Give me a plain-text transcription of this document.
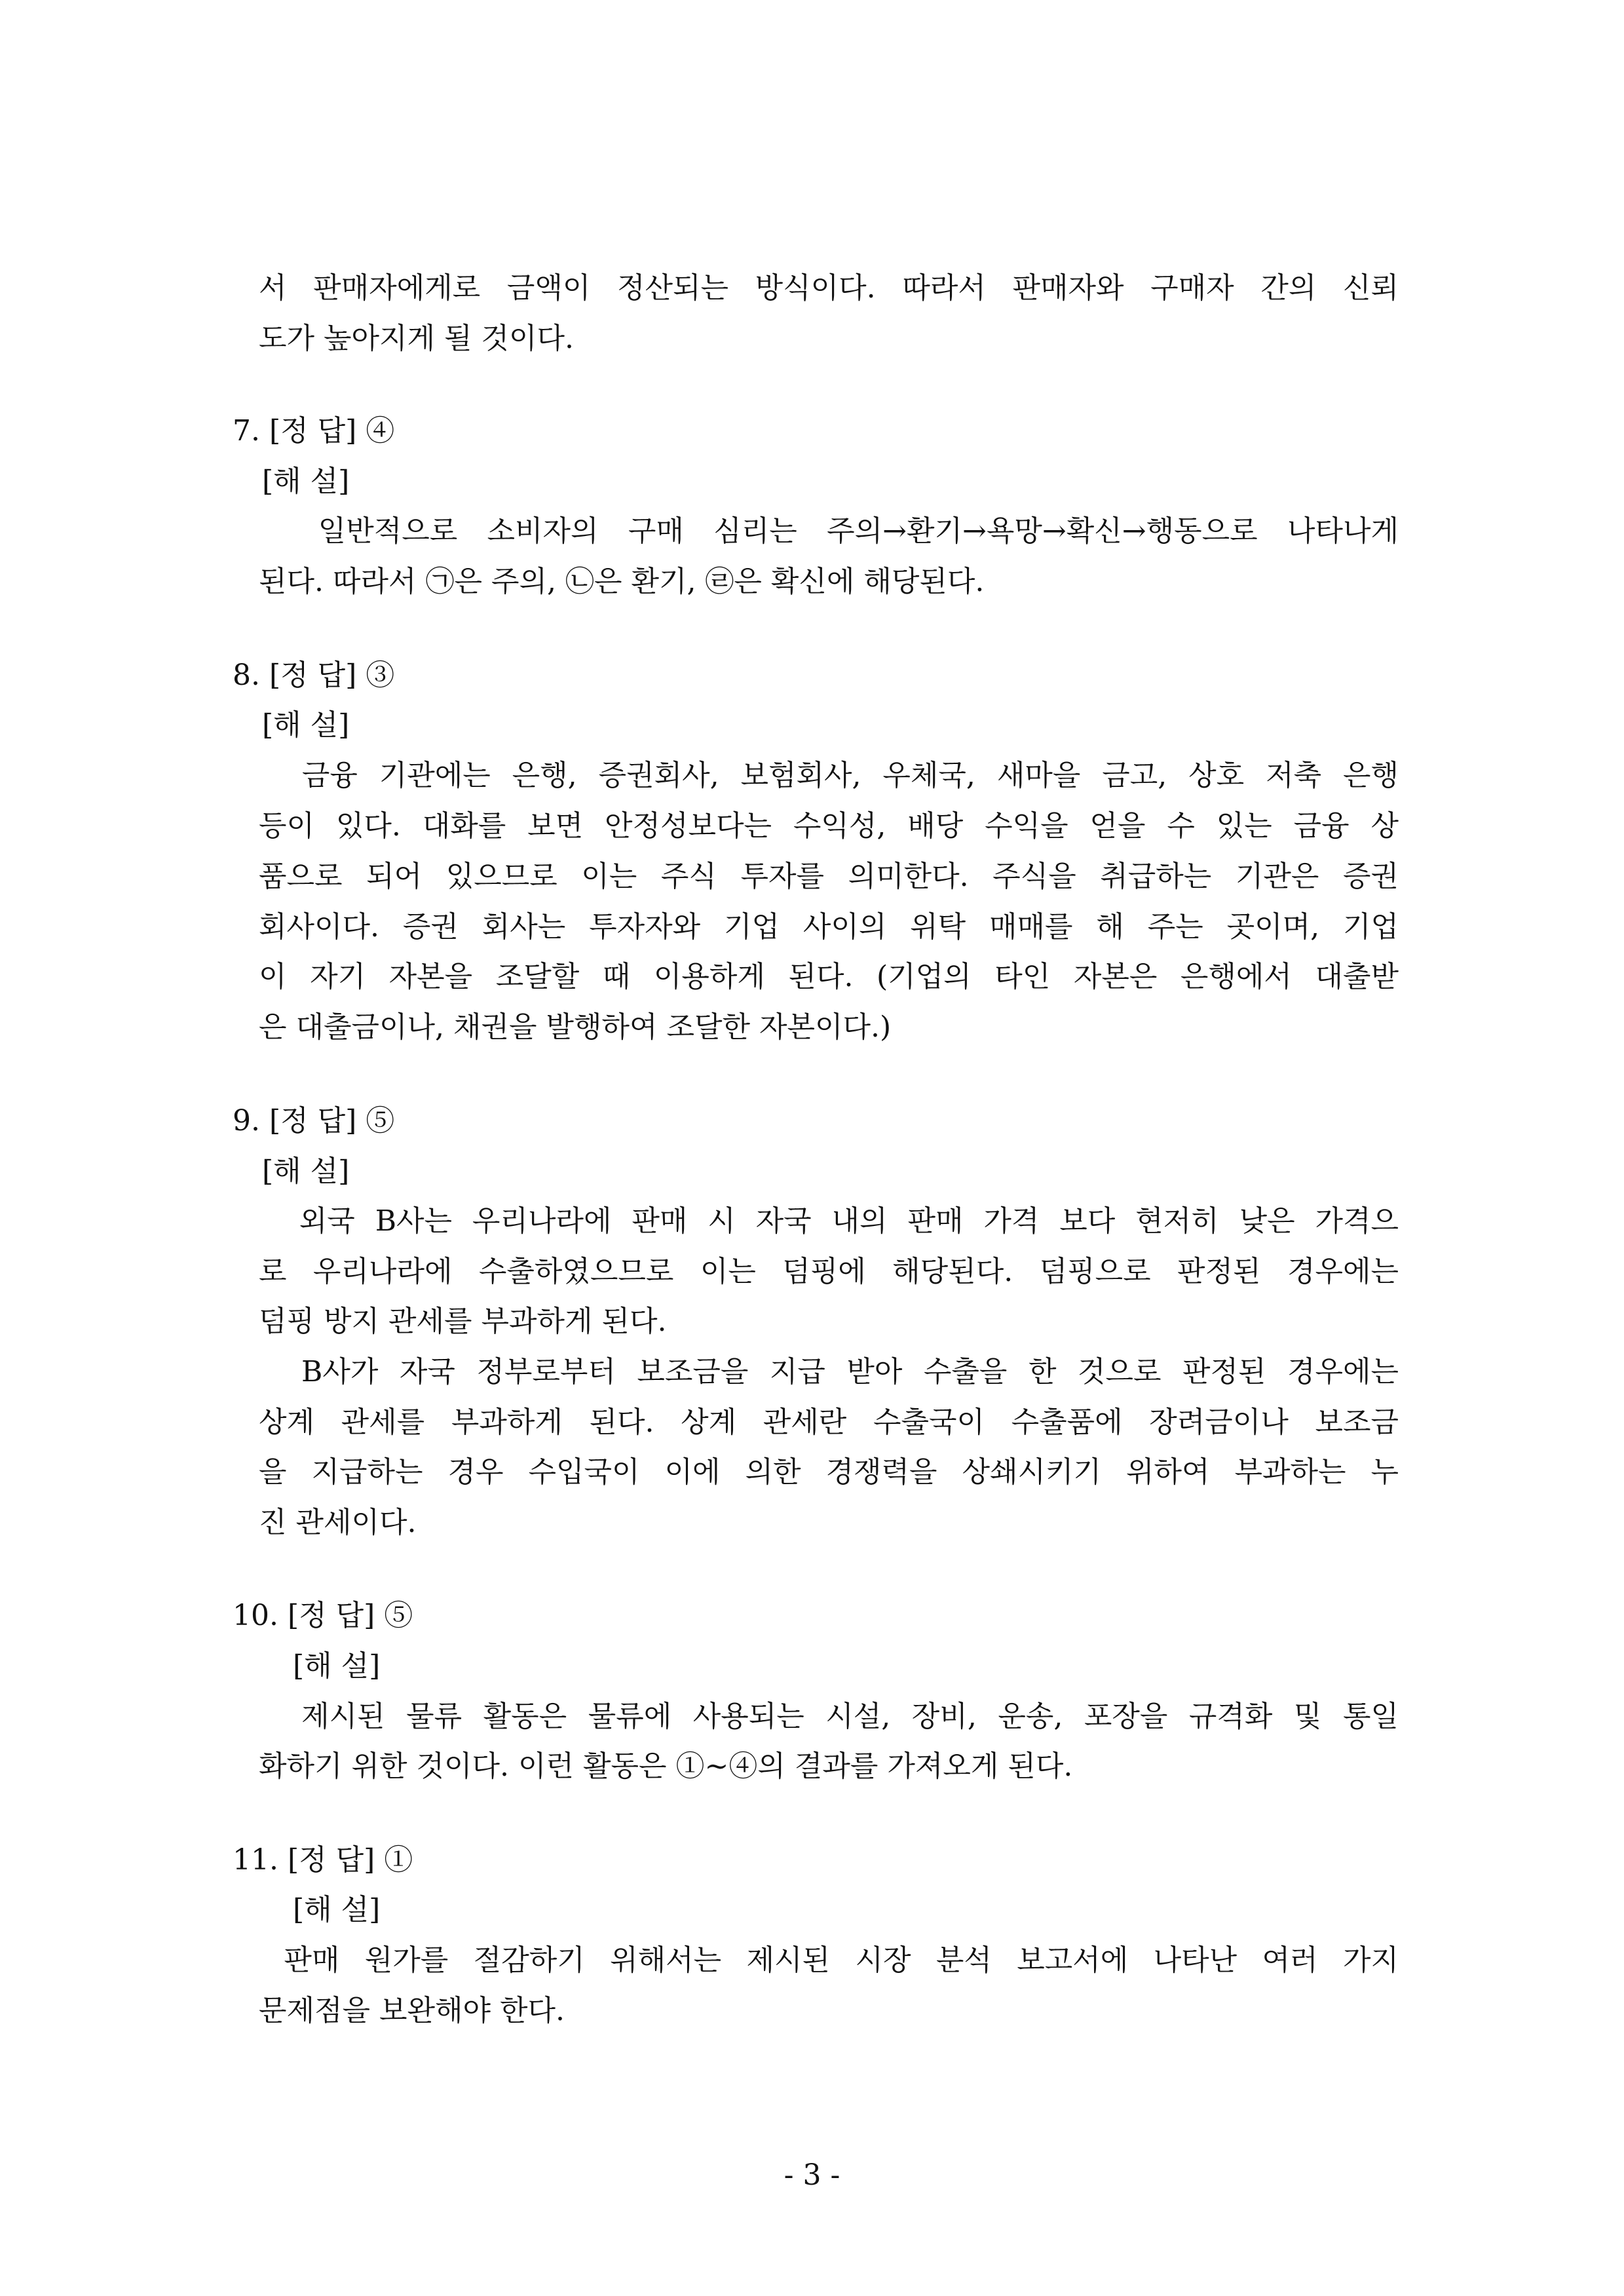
서 판매자에게로 금액이 정산되는 방식이다. 따라서 판매자와 구매자 간의 신뢰

도가 높아지게 될 것이다.

7. [정 답] ④

[해 설]

일반적으로 소비자의 구매 심리는 주의→환기→욕망→확신→행동으로 나타나게

된다. 따라서 ㉠은 주의, ㉡은 환기, ㉣은 확신에 해당된다.

8. [정 답] ③

[해 설]

금융 기관에는 은행, 증권회사, 보험회사, 우체국, 새마을 금고, 상호 저축 은행

등이 있다. 대화를 보면 안정성보다는 수익성, 배당 수익을 얻을 수 있는 금융 상

품으로 되어 있으므로 이는 주식 투자를 의미한다. 주식을 취급하는 기관은 증권

회사이다. 증권 회사는 투자자와 기업 사이의 위탁 매매를 해 주는 곳이며, 기업

이 자기 자본을 조달할 때 이용하게 된다. (기업의 타인 자본은 은행에서 대출받

은 대출금이나, 채권을 발행하여 조달한 자본이다.)

9. [정 답] ⑤

[해 설]

외국 B사는 우리나라에 판매 시 자국 내의 판매 가격 보다 현저히 낮은 가격으

로 우리나라에 수출하였으므로 이는 덤핑에 해당된다. 덤핑으로 판정된 경우에는

덤핑 방지 관세를 부과하게 된다.

B사가 자국 정부로부터 보조금을 지급 받아 수출을 한 것으로 판정된 경우에는

상계 관세를 부과하게 된다. 상계 관세란 수출국이 수출품에 장려금이나 보조금

을 지급하는 경우 수입국이 이에 의한 경쟁력을 상쇄시키기 위하여 부과하는 누

진 관세이다.

10. [정 답] ⑤

[해 설]

제시된 물류 활동은 물류에 사용되는 시설, 장비, 운송, 포장을 규격화 및 통일

화하기 위한 것이다. 이런 활동은 ①~④의 결과를 가져오게 된다.

11. [정 답] ①

[해 설]

판매 원가를 절감하기 위해서는 제시된 시장 분석 보고서에 나타난 여러 가지

문제점을 보완해야 한다.

- 3 -
